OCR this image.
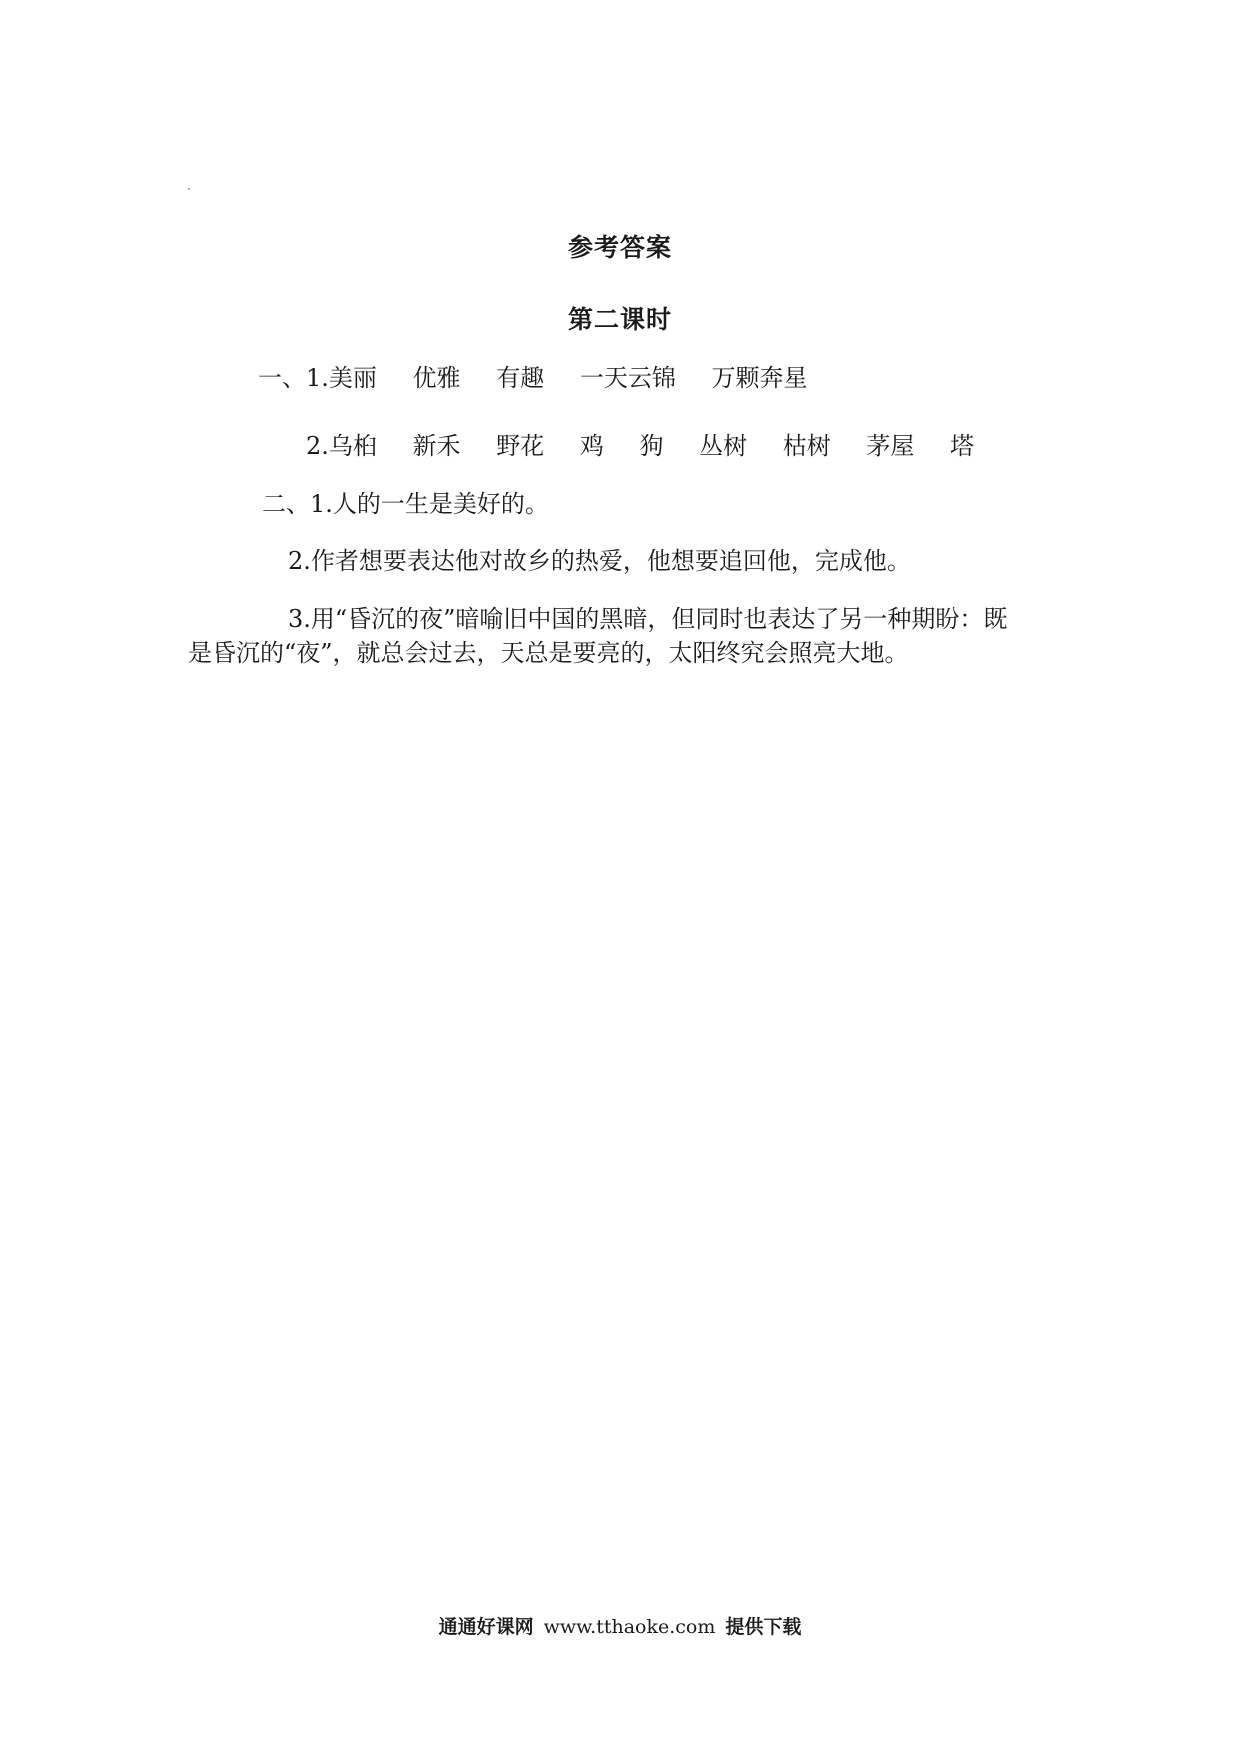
参考答案
第二课时
一、1.美丽 优雅 有趣 一天云锦 万颗奔星
2.乌桕 新禾 野花 鸡 狗 丛树 枯树 茅屋 塔
二、1.人的一生是美好的。
2.作者想要表达他对故乡的热爱，他想要追回他，完成他。
3.用“昏沉的夜”暗喻旧中国的黑暗，但同时也表达了另一种期盼：既
是昏沉的“夜”，就总会过去，天总是要亮的，太阳终究会照亮大地。
通通好课网 www.tthaoke.com 提供下载
